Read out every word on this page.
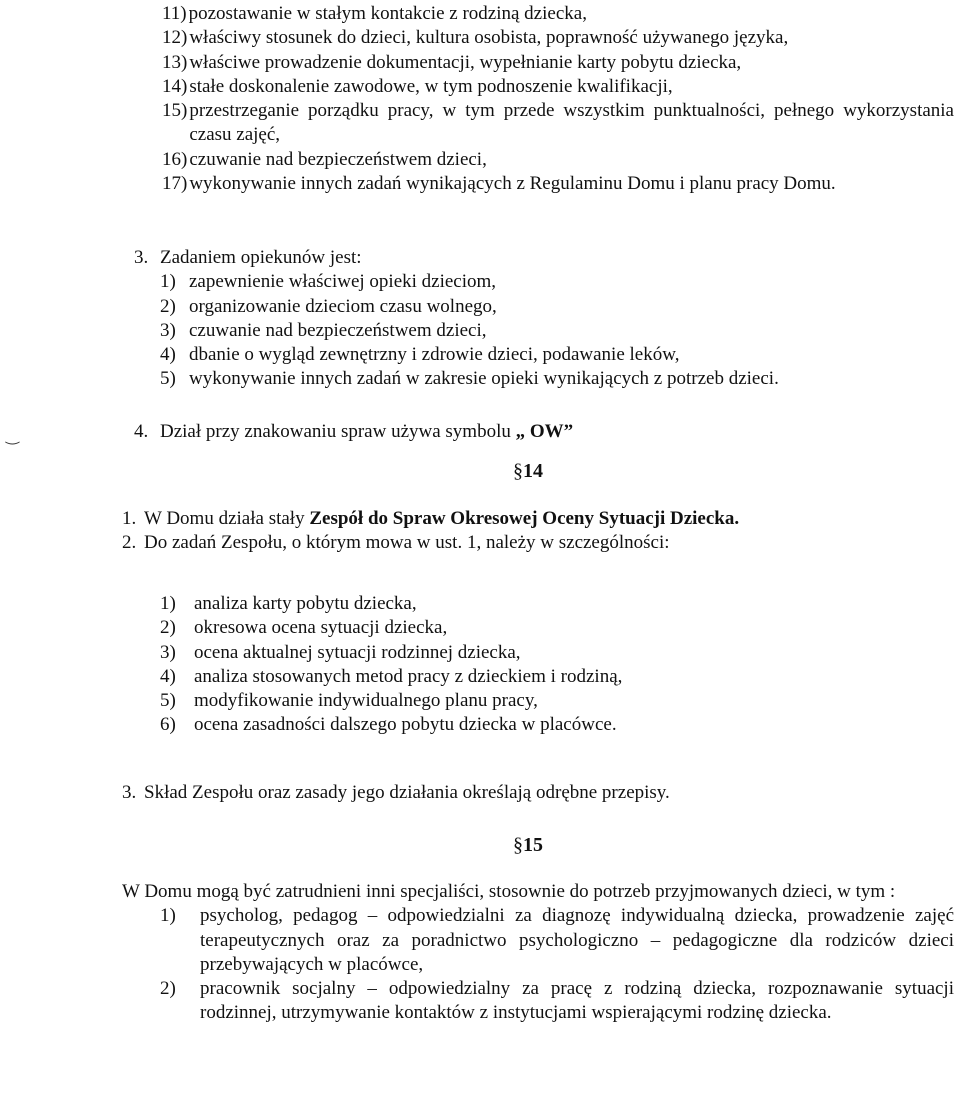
11) pozostawanie w stałym kontakcie z rodziną dziecka,
12) właściwy stosunek do dzieci, kultura osobista, poprawność używanego języka,
13) właściwe prowadzenie dokumentacji, wypełnianie karty pobytu dziecka,
14) stałe doskonalenie zawodowe, w tym podnoszenie kwalifikacji,
15) przestrzeganie porządku pracy, w tym przede wszystkim punktualności, pełnego wykorzystania czasu zajęć,
16) czuwanie nad bezpieczeństwem dzieci,
17) wykonywanie innych zadań wynikających z Regulaminu Domu i planu pracy Domu.
3. Zadaniem opiekunów jest:
1) zapewnienie właściwej opieki dzieciom,
2) organizowanie dzieciom czasu wolnego,
3) czuwanie nad bezpieczeństwem dzieci,
4) dbanie o wygląd zewnętrzny i zdrowie dzieci, podawanie leków,
5) wykonywanie innych zadań w zakresie opieki wynikających z potrzeb dzieci.
‿	4. Dział przy znakowaniu spraw używa symbolu „ OW”
§14
1. W Domu działa stały Zespół do Spraw Okresowej Oceny Sytuacji Dziecka.
2. Do zadań Zespołu, o którym mowa w ust. 1, należy w szczególności:
1) analiza karty pobytu dziecka,
2) okresowa ocena sytuacji dziecka,
3) ocena aktualnej sytuacji rodzinnej dziecka,
4) analiza stosowanych metod pracy z dzieckiem i rodziną,
5) modyfikowanie indywidualnego planu pracy,
6) ocena zasadności dalszego pobytu dziecka w placówce.
3. Skład Zespołu oraz zasady jego działania określają odrębne przepisy.
§15
W Domu mogą być zatrudnieni inni specjaliści, stosownie do potrzeb przyjmowanych dzieci, w tym :
1)	psycholog, pedagog – odpowiedzialni za diagnozę indywidualną dziecka, prowadzenie zajęć terapeutycznych oraz za poradnictwo psychologiczno – pedagogiczne dla rodziców dzieci przebywających w placówce,
2)	pracownik socjalny – odpowiedzialny za pracę z rodziną dziecka, rozpoznawanie sytuacji rodzinnej, utrzymywanie kontaktów z instytucjami wspierającymi rodzinę dziecka.
